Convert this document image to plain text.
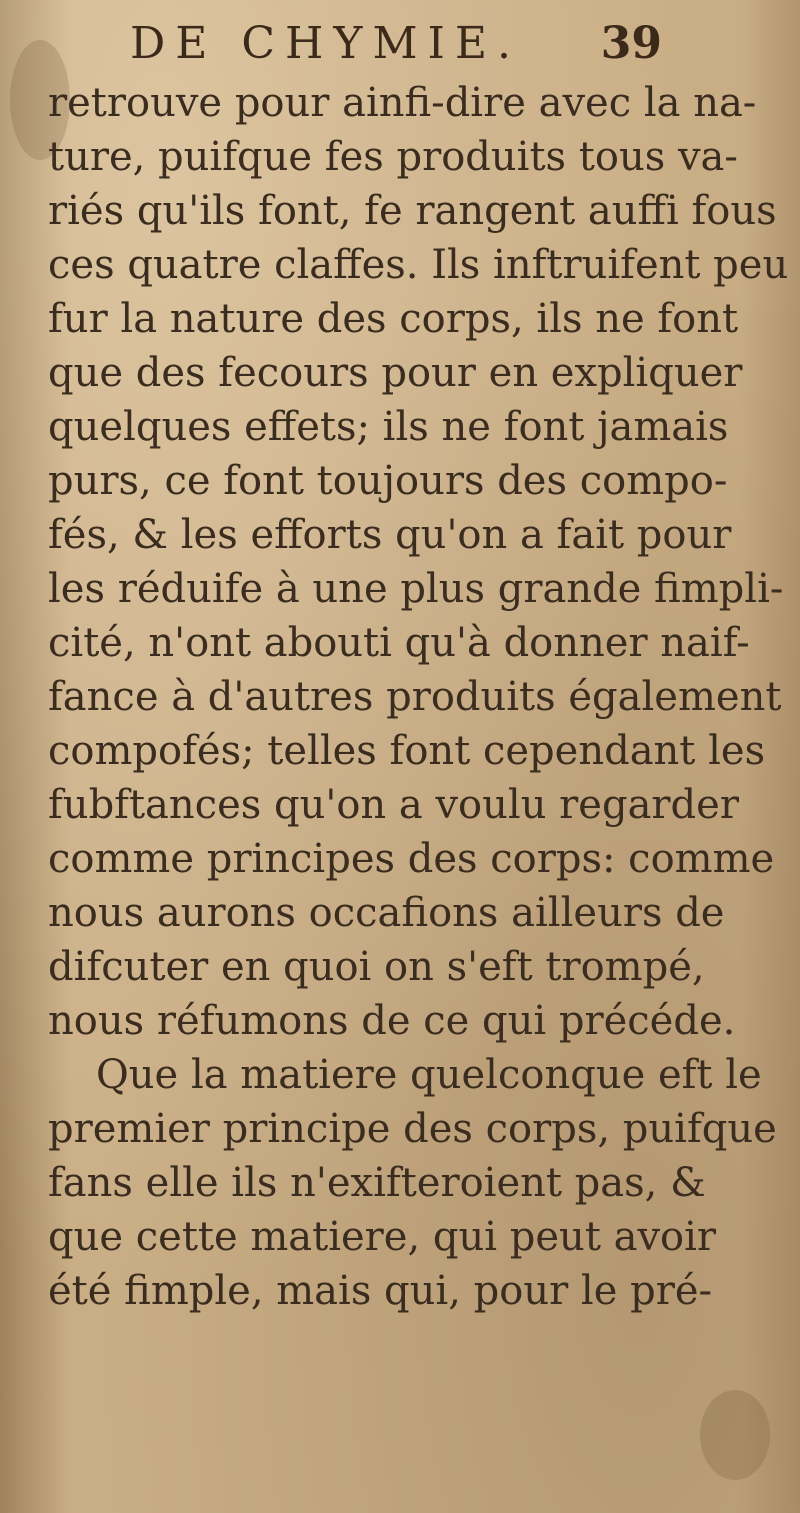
DE CHYMIE. 39
retrouve pour ainfi-dire avec la na-
ture, puifque fes produits tous va-
riés qu'ils font, fe rangent auffi fous
ces quatre claffes. Ils inftruifent peu
fur la nature des corps, ils ne font
que des fecours pour en expliquer
quelques effets; ils ne font jamais
purs, ce font toujours des compo-
fés, & les efforts qu'on a fait pour
les réduife à une plus grande fimpli-
cité, n'ont abouti qu'à donner naif-
fance à d'autres produits également
compofés; telles font cependant les
fubftances qu'on a voulu regarder
comme principes des corps: comme
nous aurons occafions ailleurs de
difcuter en quoi on s'eft trompé,
nous réfumons de ce qui précéde.
Que la matiere quelconque eft le
premier principe des corps, puifque
fans elle ils n'exifteroient pas, &
que cette matiere, qui peut avoir
été fimple, mais qui, pour le pré-
